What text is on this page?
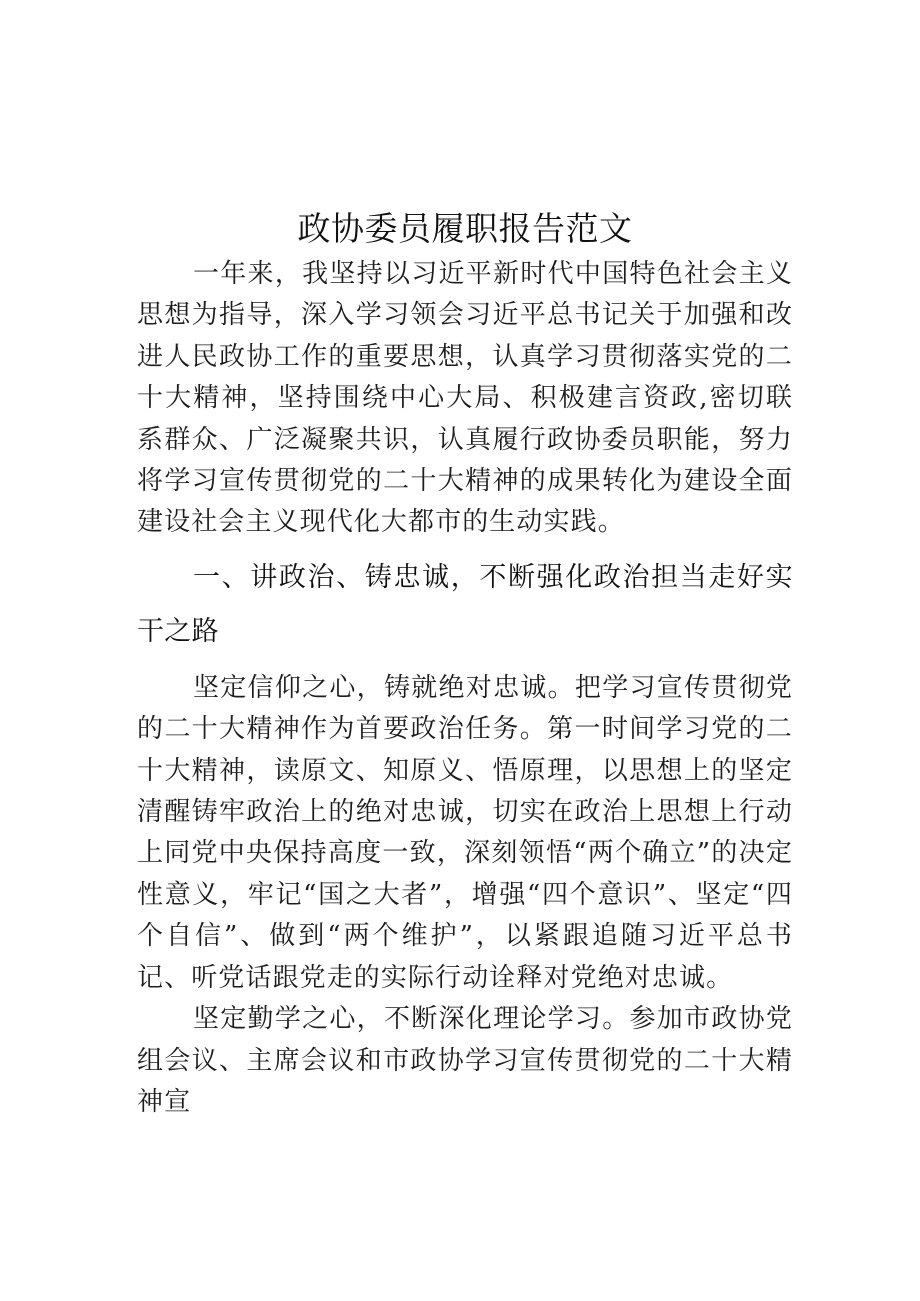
政协委员履职报告范文

一年来，我坚持以习近平新时代中国特色社会主义思想为指导，深入学习领会习近平总书记关于加强和改进人民政协工作的重要思想，认真学习贯彻落实党的二十大精神，坚持围绕中心大局、积极建言资政,密切联系群众、广泛凝聚共识，认真履行政协委员职能，努力将学习宣传贯彻党的二十大精神的成果转化为建设全面建设社会主义现代化大都市的生动实践。

一、讲政治、铸忠诚，不断强化政治担当走好实干之路

坚定信仰之心，铸就绝对忠诚。把学习宣传贯彻党的二十大精神作为首要政治任务。第一时间学习党的二十大精神，读原文、知原义、悟原理，以思想上的坚定清醒铸牢政治上的绝对忠诚，切实在政治上思想上行动上同党中央保持高度一致，深刻领悟“两个确立”的决定性意义，牢记“国之大者”，增强“四个意识”、坚定“四个自信”、做到“两个维护”，以紧跟追随习近平总书记、听党话跟党走的实际行动诠释对党绝对忠诚。

坚定勤学之心，不断深化理论学习。参加市政协党组会议、主席会议和市政协学习宣传贯彻党的二十大精神宣
